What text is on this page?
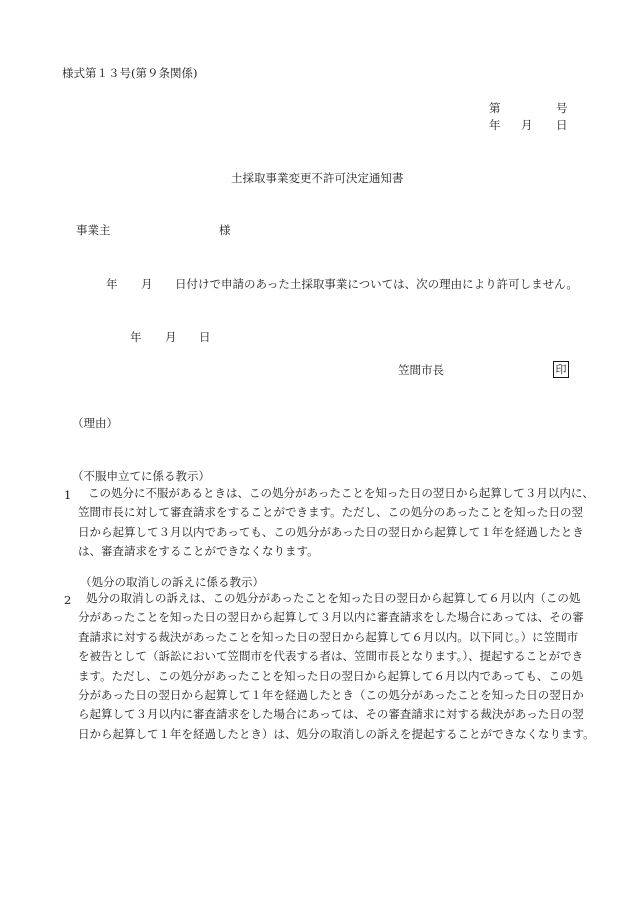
様式第１３号(第９条関係)
第	号
年 月 日
土採取事業変更不許可決定通知書
事業主	様
年 月 日付けで申請のあった土採取事業については、次の理由により許可しません。
年 月 日
笠間市長	印
（理由）
（不服申立てに係る教示）
1	この処分に不服があるときは、この処分があったことを知った日の翌日から起算して３月以内に、
笠間市長に対して審査請求をすることができます。ただし、この処分のあったことを知った日の翌
日から起算して３月以内であっても、この処分があった日の翌日から起算して１年を経過したとき
は、審査請求をすることができなくなります。
（処分の取消しの訴えに係る教示）
2	処分の取消しの訴えは、この処分があったことを知った日の翌日から起算して６月以内（この処
分があったことを知った日の翌日から起算して３月以内に審査請求をした場合にあっては、その審
査請求に対する裁決があったことを知った日の翌日から起算して６月以内。以下同じ。）に笠間市
を被告として（訴訟において笠間市を代表する者は、笠間市長となります。）、提起することができ
ます。ただし、この処分があったことを知った日の翌日から起算して６月以内であっても、この処
分があった日の翌日から起算して１年を経過したとき（この処分があったことを知った日の翌日か
ら起算して３月以内に審査請求をした場合にあっては、その審査請求に対する裁決があった日の翌
日から起算して１年を経過したとき）は、処分の取消しの訴えを提起することができなくなります。
